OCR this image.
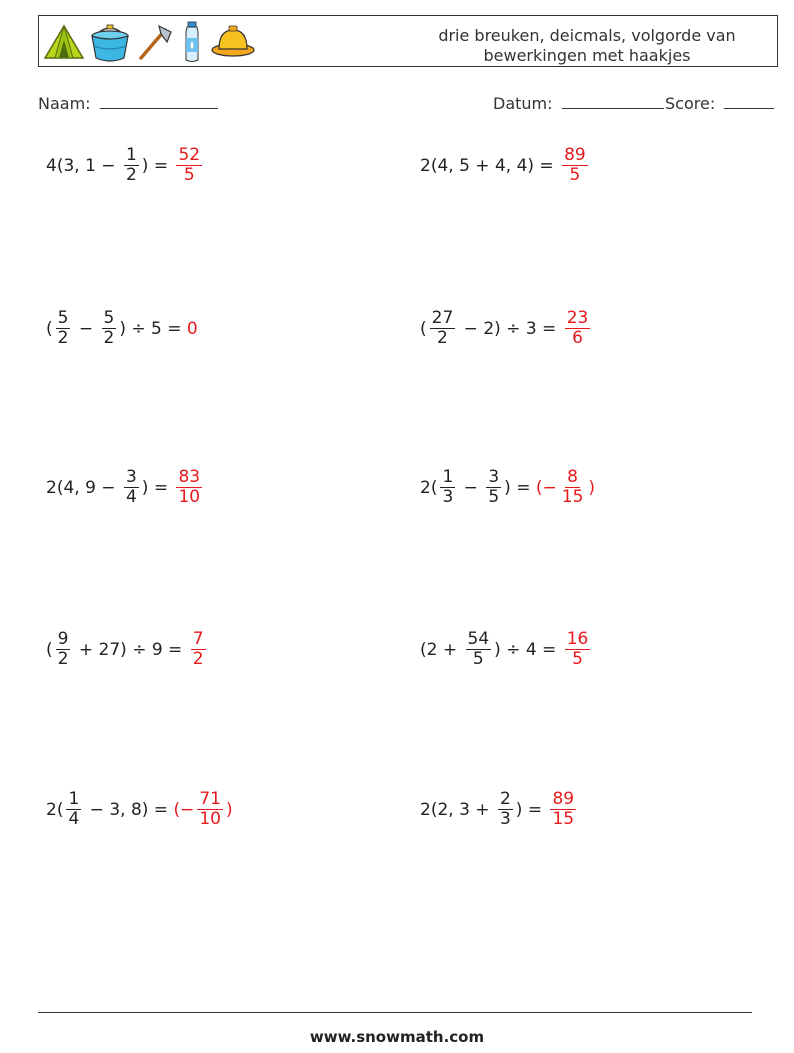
drie breuken, deicmals, volgorde van
bewerkingen met haakjes
Naam:	Datum:	Score:
4(3, $1 - \frac{1}{2}$ ) = $\frac{52}{5}$	2(4, 5 + 4, $4) = \frac{89}{5}$
( $\frac{5}{2} - \frac{5}{2}$ ) ÷ 5 = 0	( $\frac{27}{2} - 2) \div 3 = \frac{23}{6}$
2(4, $9 - \frac{3}{4}$ ) = $\frac{83}{10}$	$2( \frac{1}{3} - \frac{3}{5}$ ) = (− $\frac{8}{15}$ )
( $\frac{9}{2} + 27) \div 9 = \frac{7}{2}$	($2 + \frac{54}{5}$ ) ÷ $4 = \frac{16}{5}$
$2( \frac{1}{4} - 3$, 8) = (− $\frac{71}{10}$ )	2(2, $3 + \frac{2}{3}$ ) = $\frac{89}{15}$
www.snowmath.com
